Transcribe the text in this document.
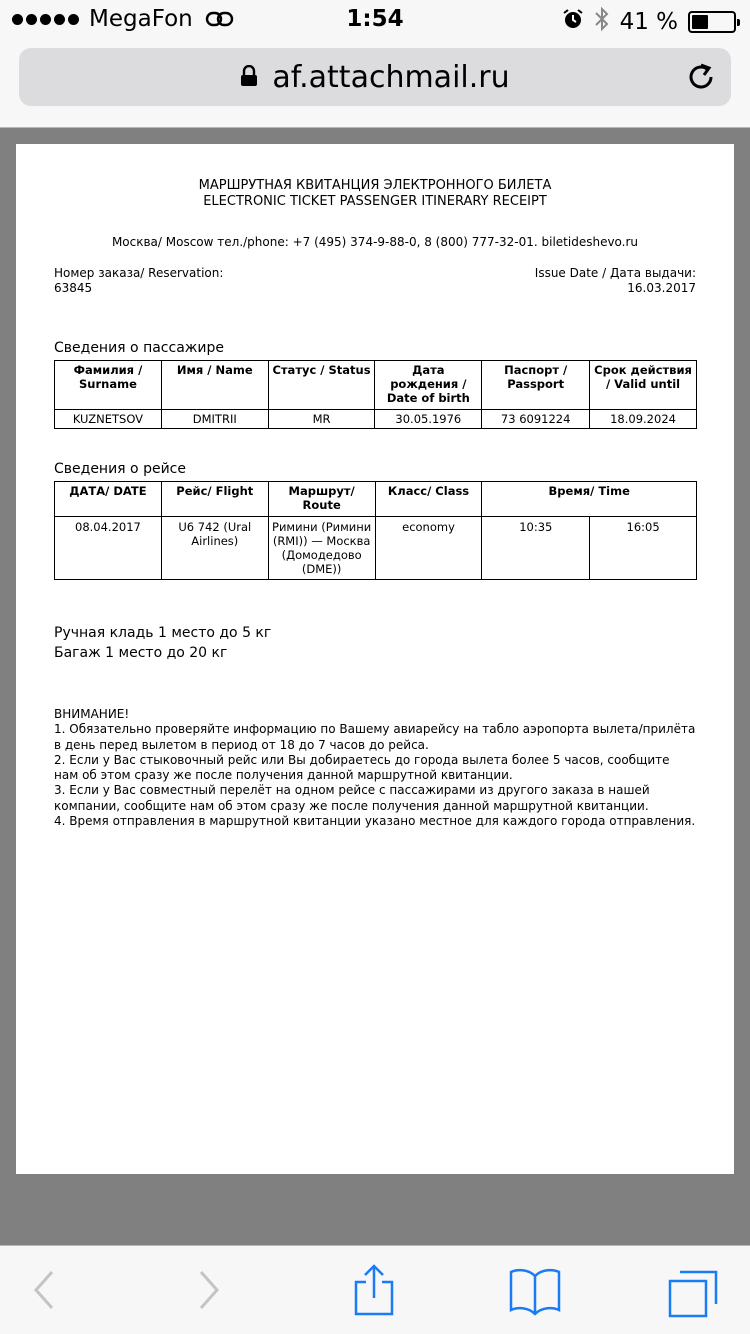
MegaFon	1:54	41 %
af.attachmail.ru
МАРШРУТНАЯ КВИТАНЦИЯ ЭЛЕКТРОННОГО БИЛЕТА
ELECTRONIC TICKET PASSENGER ITINERARY RECEIPT
Москва/ Moscow тел./phone: +7 (495) 374-9-88-0, 8 (800) 777-32-01. biletideshevo.ru
Номер заказа/ Reservation:
63845
Issue Date / Дата выдачи:
16.03.2017
Сведения о пассажире
Фамилия / Surname	Имя / Name	Статус / Status	Дата рождения / Date of birth	Паспорт / Passport	Срок действия / Valid until
KUZNETSOV	DMITRII	MR	30.05.1976	73 6091224	18.09.2024
Сведения о рейсе
ДАТА/ DATE	Рейс/ Flight	Маршрут/ Route	Класс/ Class	Время/ Time	
08.04.2017	U6 742 (Ural Airlines)	Римини (Римини (RMI)) — Москва (Домодедово (DME))	economy	10:35	16:05
Ручная кладь 1 место до 5 кг
Багаж 1 место до 20 кг
ВНИМАНИЕ!
1. Обязательно проверяйте информацию по Вашему авиарейсу на табло аэропорта вылета/прилёта в день перед вылетом в период от 18 до 7 часов до рейса.
2. Если у Вас стыковочный рейс или Вы добираетесь до города вылета более 5 часов, сообщите нам об этом сразу же после получения данной маршрутной квитанции.
3. Если у Вас совместный перелёт на одном рейсе с пассажирами из другого заказа в нашей компании, сообщите нам об этом сразу же после получения данной маршрутной квитанции.
4. Время отправления в маршрутной квитанции указано местное для каждого города отправления.
